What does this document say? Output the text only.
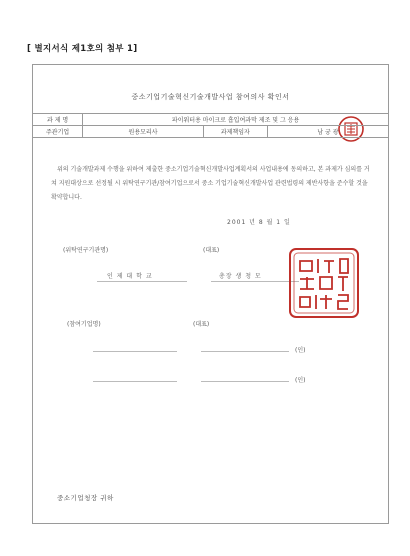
[ 별지서식 제1호의 첨부 1]
중소기업기술혁신기술개발사업 참여의사 확인서
과 제 명	파이워터용 마이크로 흡입여과막 제조 및 그 응용		
주관기업	원용모리사	과제책임자	남 궁 광

위의 기술개발과제 수행을 위하여 제출한 중소기업기술혁신개발사업계획서의 사업내용에 동의하고, 본 과제가 심의를 거쳐 지원대상으로 선정될 시 위탁연구기관/참여기업으로서 중소 기업기술혁신개발사업 관련법령의 제반사항을 준수할 것을 확약합니다.

2001 년 8 월 1 일
(위탁연구기관명)	(대표)
인 제 대 학 교	총장 생 청 모
(참여기업명)	(대표)
(인)
(인)
중소기업청장 귀하
